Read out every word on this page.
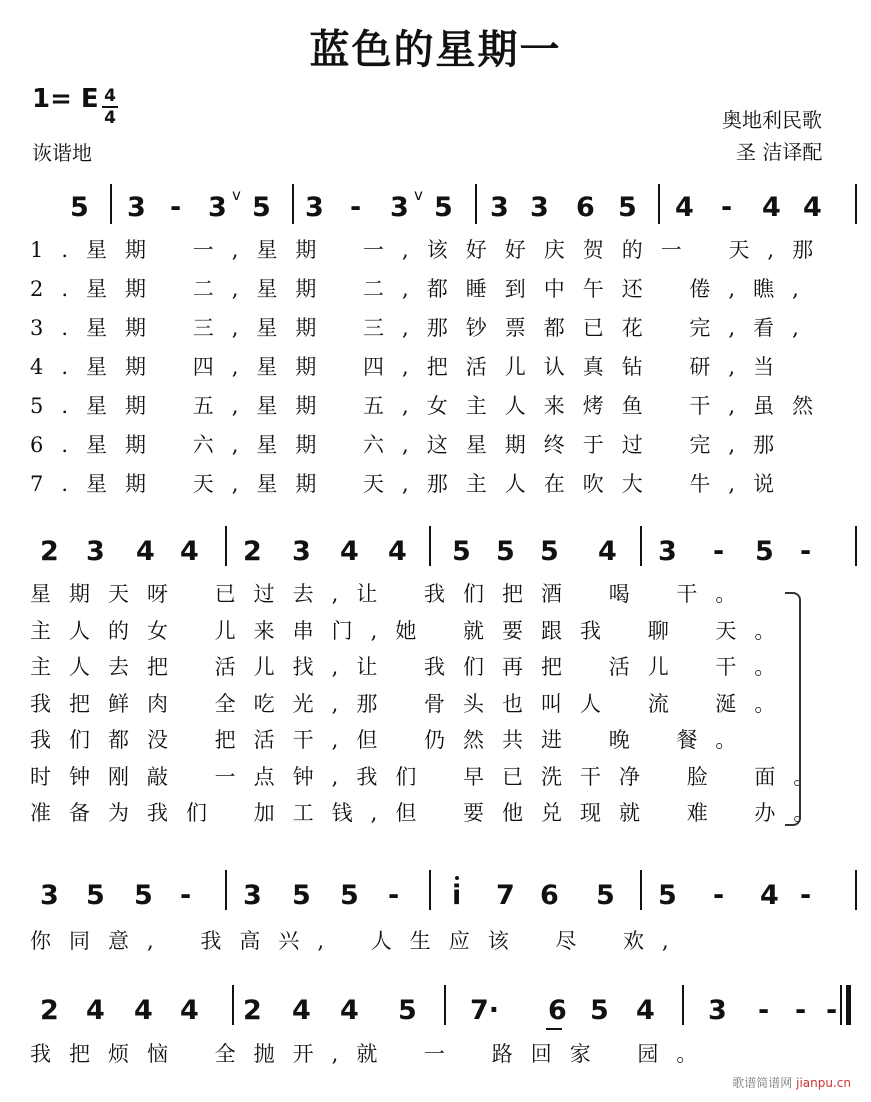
蓝色的星期一
1= E 4
4
诙谐地
奥地利民歌
圣 洁译配
5 3 - 3 v 5 3 - 3 v 5 3 3 6 5 4 - 4 4
1.星期 一,星期 一,该好好庆贺的一 天,那
2.星期 二,星期 二,都睡到中午还 倦,瞧,
3.星期 三,星期 三,那钞票都已花 完,看,
4.星期 四,星期 四,把活儿认真钻 研,当
5.星期 五,星期 五,女主人来烤鱼 干,虽然
6.星期 六,星期 六,这星期终于过 完,那
7.星期 天,星期 天,那主人在吹大 牛,说
2 3 4 4 2 3 4 4 5 5 5 4 3 - 5 -
星期天呀 已过去,让 我们把酒 喝 干。
主人的女 儿来串门,她 就要跟我 聊 天。
主人去把 活儿找,让 我们再把 活儿 干。
我把鲜肉 全吃光,那 骨头也叫人 流 涎。
我们都没 把活干,但 仍然共进 晚 餐。
时钟刚敲 一点钟,我们 早已洗干净 脸 面。
准备为我们 加工钱,但 要他兑现就 难 办。
3 5 5 - 3 5 5 - i 7 6 5 5 - 4 -
你同意, 我高兴, 人生应该 尽 欢,
2 4 4 4 2 4 4 5 7· 6 5 4 3 - - -
我把烦恼 全抛开,就 一 路回家 园。
歌谱简谱网 jianpu.cn
